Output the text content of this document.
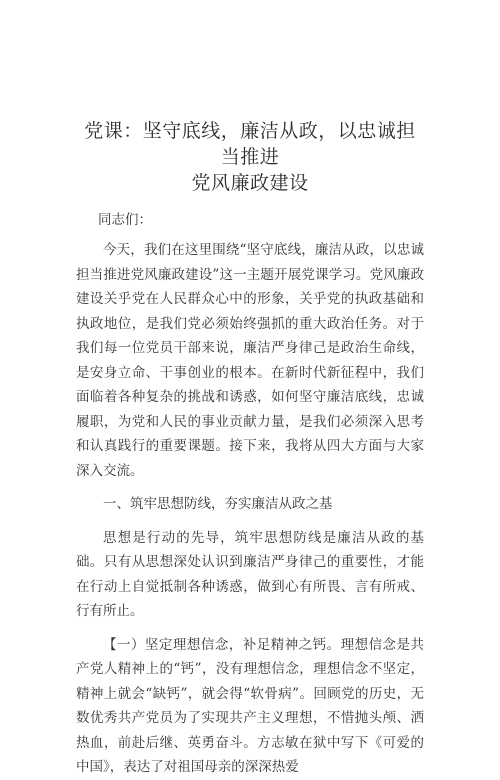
党课：坚守底线，廉洁从政，以忠诚担当推进
党风廉政建设

同志们：

今天，我们在这里围绕“坚守底线，廉洁从政，以忠诚担当推进党风廉政建设”这一主题开展党课学习。党风廉政建设关乎党在人民群众心中的形象，关乎党的执政基础和执政地位，是我们党必须始终强抓的重大政治任务。对于我们每一位党员干部来说，廉洁严身律己是政治生命线，是安身立命、干事创业的根本。在新时代新征程中，我们面临着各种复杂的挑战和诱惑，如何坚守廉洁底线，忠诚履职，为党和人民的事业贡献力量，是我们必须深入思考和认真践行的重要课题。接下来，我将从四大方面与大家深入交流。

一、筑牢思想防线，夯实廉洁从政之基

思想是行动的先导，筑牢思想防线是廉洁从政的基础。只有从思想深处认识到廉洁严身律己的重要性，才能在行动上自觉抵制各种诱惑，做到心有所畏、言有所戒、行有所止。

【一）坚定理想信念，补足精神之钙。理想信念是共产党人精神上的“钙”，没有理想信念，理想信念不坚定，精神上就会“缺钙”，就会得“软骨病”。回顾党的历史，无数优秀共产党员为了实现共产主义理想，不惜抛头颅、洒热血，前赴后继、英勇奋斗。方志敏在狱中写下《可爱的中国》，表达了对祖国母亲的深深热爱
